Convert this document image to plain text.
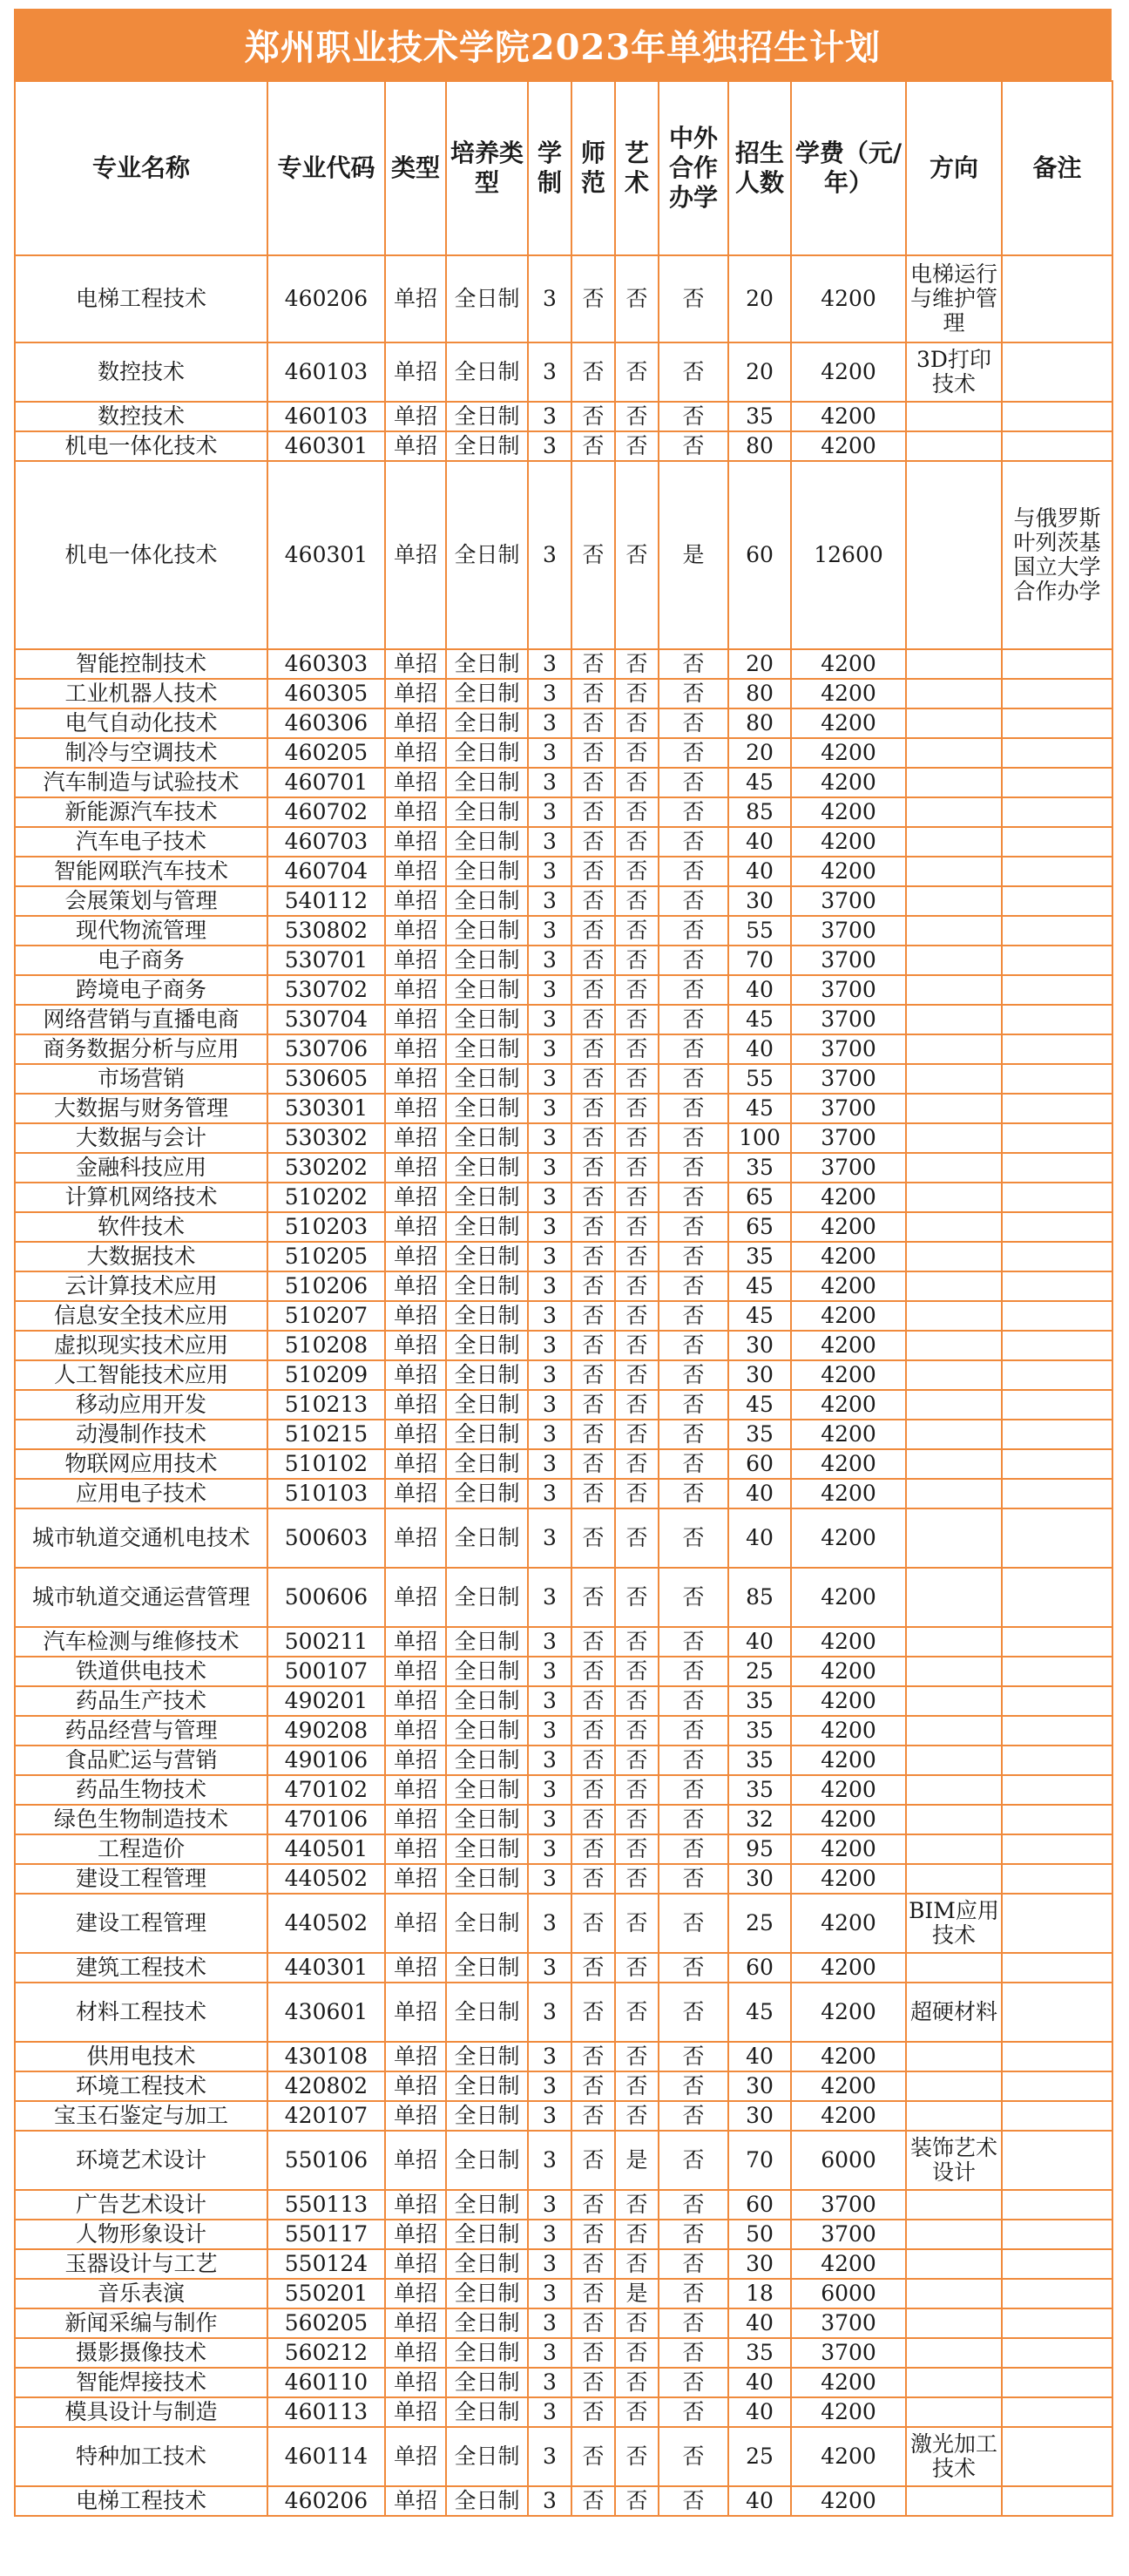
郑州职业技术学院2023年单独招生计划
专业名称	专业代码	类型	培养类型	学制	师范	艺术	中外合作办学	招生人数	学费（元/年）	方向	备注
电梯工程技术	460206	单招	全日制	3	否	否	否	20	4200	电梯运行与维护管理	
数控技术	460103	单招	全日制	3	否	否	否	20	4200	3D打印技术	
数控技术	460103	单招	全日制	3	否	否	否	35	4200		
机电一体化技术	460301	单招	全日制	3	否	否	否	80	4200		
机电一体化技术	460301	单招	全日制	3	否	否	是	60	12600		与俄罗斯叶列茨基国立大学合作办学
智能控制技术	460303	单招	全日制	3	否	否	否	20	4200		
工业机器人技术	460305	单招	全日制	3	否	否	否	80	4200		
电气自动化技术	460306	单招	全日制	3	否	否	否	80	4200		
制冷与空调技术	460205	单招	全日制	3	否	否	否	20	4200		
汽车制造与试验技术	460701	单招	全日制	3	否	否	否	45	4200		
新能源汽车技术	460702	单招	全日制	3	否	否	否	85	4200		
汽车电子技术	460703	单招	全日制	3	否	否	否	40	4200		
智能网联汽车技术	460704	单招	全日制	3	否	否	否	40	4200		
会展策划与管理	540112	单招	全日制	3	否	否	否	30	3700		
现代物流管理	530802	单招	全日制	3	否	否	否	55	3700		
电子商务	530701	单招	全日制	3	否	否	否	70	3700		
跨境电子商务	530702	单招	全日制	3	否	否	否	40	3700		
网络营销与直播电商	530704	单招	全日制	3	否	否	否	45	3700		
商务数据分析与应用	530706	单招	全日制	3	否	否	否	40	3700		
市场营销	530605	单招	全日制	3	否	否	否	55	3700		
大数据与财务管理	530301	单招	全日制	3	否	否	否	45	3700		
大数据与会计	530302	单招	全日制	3	否	否	否	100	3700		
金融科技应用	530202	单招	全日制	3	否	否	否	35	3700		
计算机网络技术	510202	单招	全日制	3	否	否	否	65	4200		
软件技术	510203	单招	全日制	3	否	否	否	65	4200		
大数据技术	510205	单招	全日制	3	否	否	否	35	4200		
云计算技术应用	510206	单招	全日制	3	否	否	否	45	4200		
信息安全技术应用	510207	单招	全日制	3	否	否	否	45	4200		
虚拟现实技术应用	510208	单招	全日制	3	否	否	否	30	4200		
人工智能技术应用	510209	单招	全日制	3	否	否	否	30	4200		
移动应用开发	510213	单招	全日制	3	否	否	否	45	4200		
动漫制作技术	510215	单招	全日制	3	否	否	否	35	4200		
物联网应用技术	510102	单招	全日制	3	否	否	否	60	4200		
应用电子技术	510103	单招	全日制	3	否	否	否	40	4200		
城市轨道交通机电技术	500603	单招	全日制	3	否	否	否	40	4200		
城市轨道交通运营管理	500606	单招	全日制	3	否	否	否	85	4200		
汽车检测与维修技术	500211	单招	全日制	3	否	否	否	40	4200		
铁道供电技术	500107	单招	全日制	3	否	否	否	25	4200		
药品生产技术	490201	单招	全日制	3	否	否	否	35	4200		
药品经营与管理	490208	单招	全日制	3	否	否	否	35	4200		
食品贮运与营销	490106	单招	全日制	3	否	否	否	35	4200		
药品生物技术	470102	单招	全日制	3	否	否	否	35	4200		
绿色生物制造技术	470106	单招	全日制	3	否	否	否	32	4200		
工程造价	440501	单招	全日制	3	否	否	否	95	4200		
建设工程管理	440502	单招	全日制	3	否	否	否	30	4200		
建设工程管理	440502	单招	全日制	3	否	否	否	25	4200	BIM应用技术	
建筑工程技术	440301	单招	全日制	3	否	否	否	60	4200		
材料工程技术	430601	单招	全日制	3	否	否	否	45	4200	超硬材料	
供用电技术	430108	单招	全日制	3	否	否	否	40	4200		
环境工程技术	420802	单招	全日制	3	否	否	否	30	4200		
宝玉石鉴定与加工	420107	单招	全日制	3	否	否	否	30	4200		
环境艺术设计	550106	单招	全日制	3	否	是	否	70	6000	装饰艺术设计	
广告艺术设计	550113	单招	全日制	3	否	否	否	60	3700		
人物形象设计	550117	单招	全日制	3	否	否	否	50	3700		
玉器设计与工艺	550124	单招	全日制	3	否	否	否	30	4200		
音乐表演	550201	单招	全日制	3	否	是	否	18	6000		
新闻采编与制作	560205	单招	全日制	3	否	否	否	40	3700		
摄影摄像技术	560212	单招	全日制	3	否	否	否	35	3700		
智能焊接技术	460110	单招	全日制	3	否	否	否	40	4200		
模具设计与制造	460113	单招	全日制	3	否	否	否	40	4200		
特种加工技术	460114	单招	全日制	3	否	否	否	25	4200	激光加工技术	
电梯工程技术	460206	单招	全日制	3	否	否	否	40	4200		
